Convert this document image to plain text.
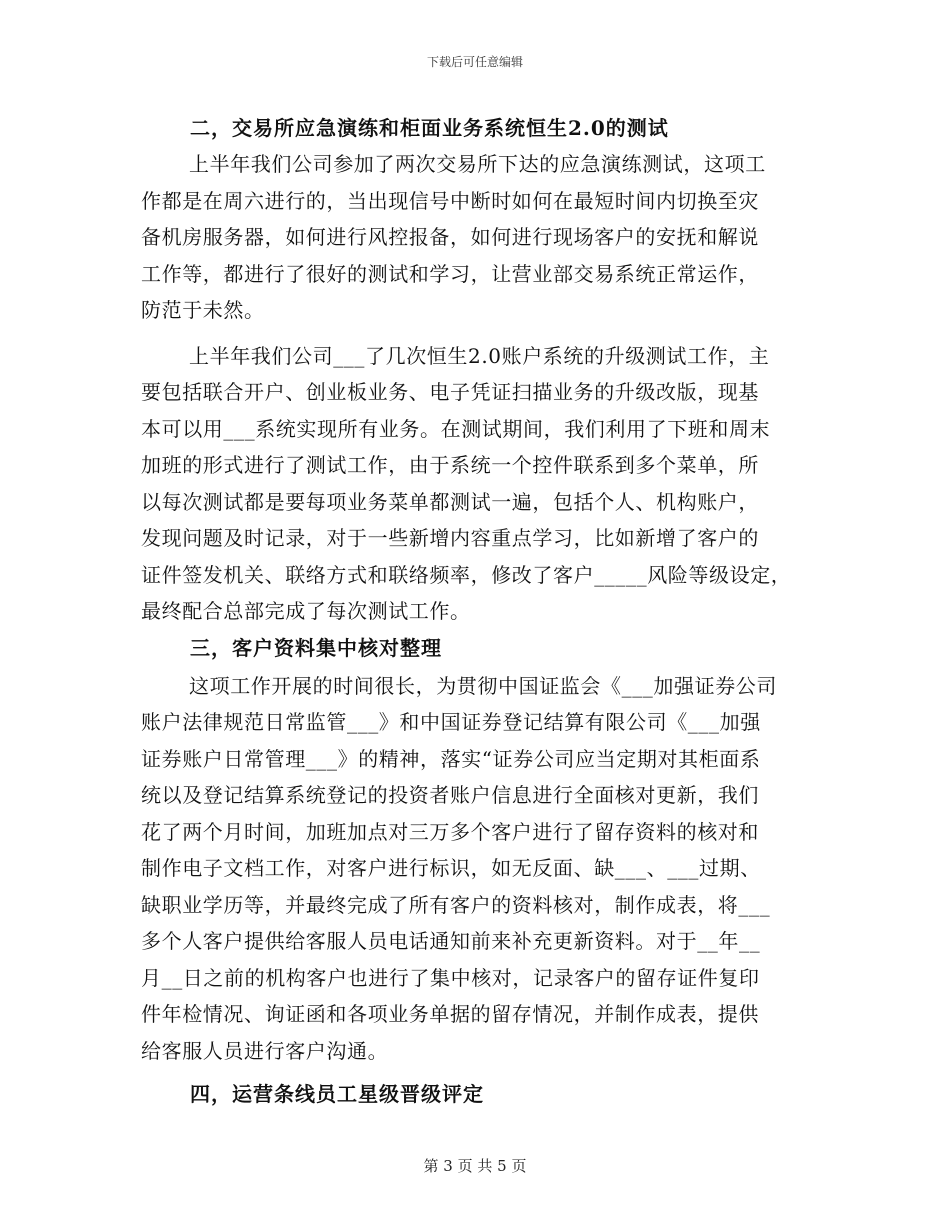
下载后可任意编辑
二，交易所应急演练和柜面业务系统恒生2.0的测试
上半年我们公司参加了两次交易所下达的应急演练测试，这项工
作都是在周六进行的，当出现信号中断时如何在最短时间内切换至灾
备机房服务器，如何进行风控报备，如何进行现场客户的安抚和解说
工作等，都进行了很好的测试和学习，让营业部交易系统正常运作，
防范于未然。
上半年我们公司___了几次恒生2.0账户系统的升级测试工作，主
要包括联合开户、创业板业务、电子凭证扫描业务的升级改版，现基
本可以用___系统实现所有业务。在测试期间，我们利用了下班和周末
加班的形式进行了测试工作，由于系统一个控件联系到多个菜单，所
以每次测试都是要每项业务菜单都测试一遍，包括个人、机构账户，
发现问题及时记录，对于一些新增内容重点学习，比如新增了客户的
证件签发机关、联络方式和联络频率，修改了客户_____风险等级设定，
最终配合总部完成了每次测试工作。
三，客户资料集中核对整理
这项工作开展的时间很长，为贯彻中国证监会《___加强证券公司
账户法律规范日常监管___》和中国证券登记结算有限公司《___加强
证券账户日常管理___》的精神，落实“证券公司应当定期对其柜面系
统以及登记结算系统登记的投资者账户信息进行全面核对更新，我们
花了两个月时间，加班加点对三万多个客户进行了留存资料的核对和
制作电子文档工作，对客户进行标识，如无反面、缺___、___过期、
缺职业学历等，并最终完成了所有客户的资料核对，制作成表，将___
多个人客户提供给客服人员电话通知前来补充更新资料。对于__年__
月__日之前的机构客户也进行了集中核对，记录客户的留存证件复印
件年检情况、询证函和各项业务单据的留存情况，并制作成表，提供
给客服人员进行客户沟通。
四，运营条线员工星级晋级评定
第 3 页 共 5 页
